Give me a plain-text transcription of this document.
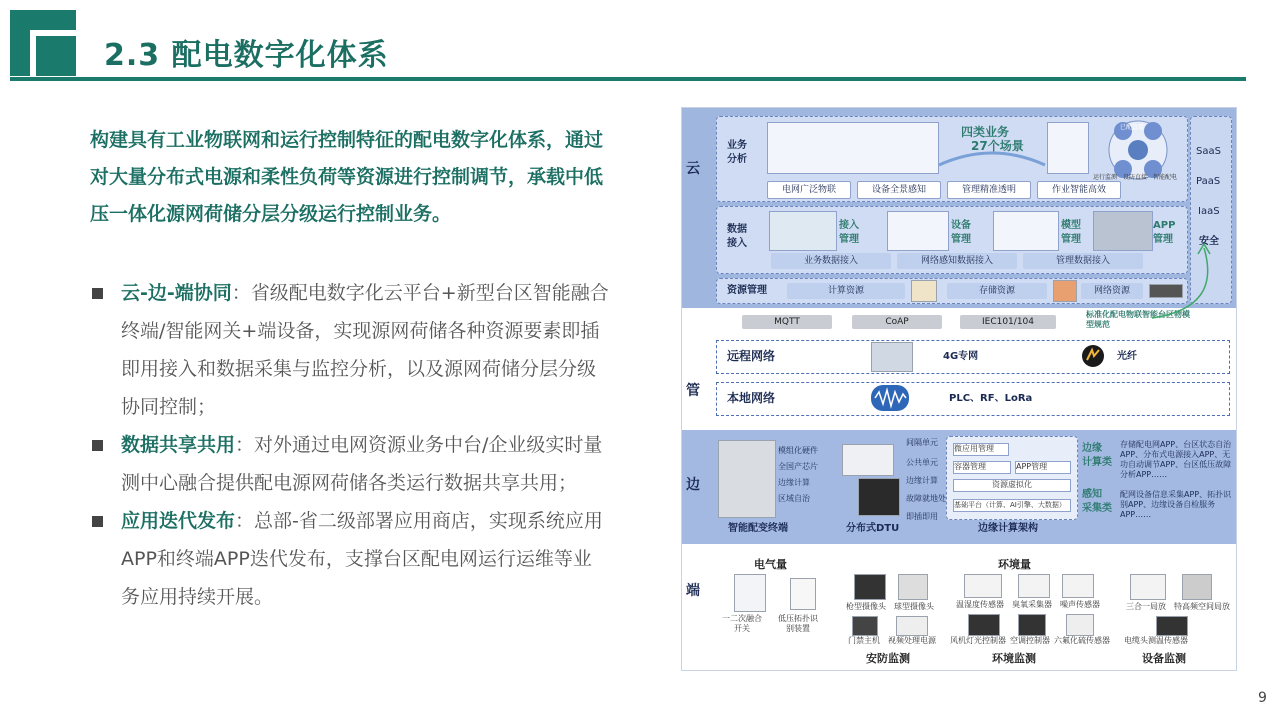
2.3 配电数字化体系
构建具有工业物联网和运行控制特征的配电数字化体系，通过对大量分布式电源和柔性负荷等资源进行控制调节，承载中低压一体化源网荷储分层分级运行控制业务。
云-边-端协同：省级配电数字化云平台+新型台区智能融合终端/智能网关+端设备，实现源网荷储各种资源要素即插即用接入和数据采集与监控分析，以及源网荷储分层分级协同控制；
数据共享共用：对外通过电网资源业务中台/企业级实时量测中心融合提供配电源网荷储各类运行数据共享共用；
应用迭代发布：总部-省二级部署应用商店，实现系统应用APP和终端APP迭代发布，支撑台区配电网运行运维等业务应用持续开展。
云
业务
分析
四类业务
27个场景
已配直接
运行监测 设防直接 智能配电
电网广泛物联	设备全景感知	管理精准透明	作业智能高效
数据
接入
接入
管理
设备
管理
模型
管理
APP
管理
业务数据接入	网络感知数据接入	管理数据接入
资源管理	计算资源	存储资源	网络资源
SaaS
PaaS
IaaS
安全
MQTT	CoAP	IEC101/104
标准化配电物联智能台区物模型规范
管
远程网络	4G专网	光纤
本地网络	PLC、RF、LoRa
边
模组化硬件
全国产芯片
边缘计算
区域自治
智能配变终端
间隔单元
公共单元
边缘计算
故障就地处
即插即用
分布式DTU
微应用管理
容器管理	APP管理
资源虚拟化
基础平台（计算、AI引擎、大数据）
边缘计算架构
边缘
计算类
存储配电网APP、台区状态自治APP、分布式电源接入APP、无功自动调节APP、台区低压故障分析APP……
感知
采集类
配网设备信息采集APP、拓扑识别APP、边缘设备自检服务APP……
端
电气量
一二次融合
开关
低压拓扑识
别装置
环境量
枪型摄像头 球型摄像头
门禁主机 视频处理电源
温湿度传感器 臭氧采集器 噪声传感器
风机灯光控制器 空调控制器 六氟化硫传感器
三合一局放 特高频空间局放
电缆头测温传感器
安防监测	环境监测	设备监测
9
